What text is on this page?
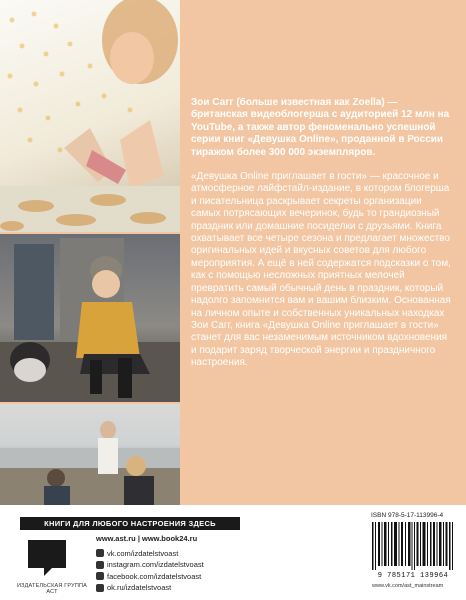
Зои Сагг (больше известная как Zoella) — британская видеоблогерша с аудиторией 12 млн на YouTube, а также автор феноменально успешной серии книг «Девушка Online», проданной в России тиражом более 300 000 экземпляров.

«Девушка Online приглашает в гости» — красочное и атмосферное лайфстайл-издание, в котором блогерша и писательница раскрывает секреты организации самых потрясающих вечеринок, будь то грандиозный праздник или домашние посиделки с друзьями. Книга охватывает все четыре сезона и предлагает множество оригинальных идей и вкусных советов для любого мероприятия. А ещё в ней содержатся подсказки о том, как с помощью несложных приятных мелочей превратить самый обычный день в праздник, который надолго запомнится вам и вашим близким. Основанная на личном опыте и собственных уникальных находках Зои Сагг, книга «Девушка Online приглашает в гости» станет для вас незаменимым источником вдохновения и подарит заряд творческой энергии и праздничного настроения.

КНИГИ ДЛЯ ЛЮБОГО НАСТРОЕНИЯ ЗДЕСЬ
ИЗДАТЕЛЬСКАЯ ГРУППА АСТ
www.ast.ru | www.book24.ru
vk.com/izdatelstvoast
instagram.com/izdatelstvoast
facebook.com/izdatelstvoast
ok.ru/izdatelstvoast
ISBN 978-5-17-113996-4
9 785171 139964
www.vk.com/ast_mainstream
